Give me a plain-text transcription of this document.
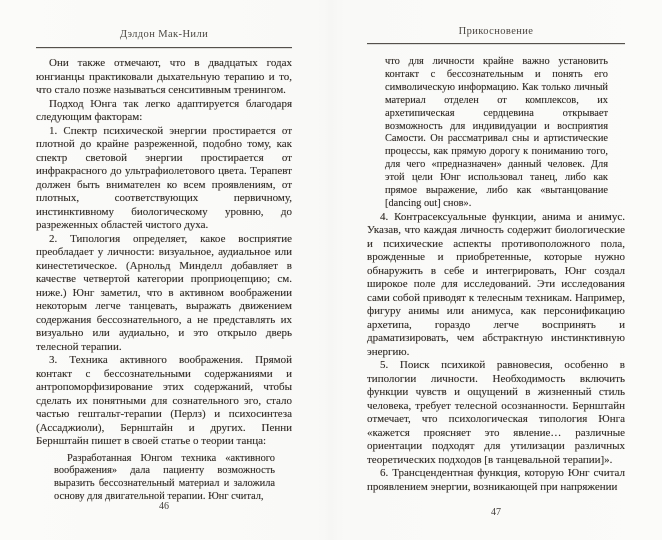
Дэлдон Мак-Нили

Они также отмечают, что в двадцатых годах юнгианцы практиковали дыхательную терапию и то, что стало позже называться сенситивным тренингом.

Подход Юнга так легко адаптируется благодаря следующим факторам:

1. Спектр психической энергии простирается от плотной до крайне разреженной, подобно тому, как спектр световой энергии простирается от инфракрасного до ультрафиолетового цвета. Терапевт должен быть внимателен ко всем проявлениям, от плотных, соответствующих первичному, инстинктивному биологическому уровню, до разреженных областей чистого духа.

2. Типология определяет, какое восприятие преобладает у личности: визуальное, аудиальное или кинестетическое. (Арнольд Минделл добавляет в качестве четвертой категории проприоцепцию; см. ниже.) Юнг заметил, что в активном воображении некоторым легче танцевать, выражать движением содержания бессознательного, а не представлять их визуально или аудиально, и это открыло дверь телесной терапии.

3. Техника активного воображения. Прямой контакт с бессознательными содержаниями и антропоморфизирование этих содержаний, чтобы сделать их понятными для сознательного эго, стало частью гештальт-терапии (Перлз) и психосинтеза (Ассаджиоли), Бернштайн и других. Пенни Бернштайн пишет в своей статье о теории танца:

Разработанная Юнгом техника «активного воображения» дала пациенту возможность выразить бессознательный материал и заложила основу для двигательной терапии. Юнг считал,

46
Прикосновение

что для личности крайне важно установить контакт с бессознательным и понять его символическую информацию. Как только личный материал отделен от комплексов, их архетипическая сердцевина открывает возможность для индивидуации и восприятия Самости. Он рассматривал сны и артистические процессы, как прямую дорогу к пониманию того, для чего «предназначен» данный человек. Для этой цели Юнг использовал танец, либо как прямое выражение, либо как «вытанцование [dancing out] снов».

4. Контрасексуальные функции, анима и анимус. Указав, что каждая личность содержит биологические и психические аспекты противоположного пола, врожденные и приобретенные, которые нужно обнаружить в себе и интегрировать, Юнг создал широкое поле для исследований. Эти исследования сами собой приводят к телесным техникам. Например, фигуру анимы или анимуса, как персонификацию архетипа, гораздо легче воспринять и драматизировать, чем абстрактную инстинктивную энергию.

5. Поиск психикой равновесия, особенно в типологии личности. Необходимость включить функции чувств и ощущений в жизненный стиль человека, требует телесной осознанности. Бернштайн отмечает, что психологическая типология Юнга «кажется проясняет это явление… различные ориентации подходят для утилизации различных теоретических подходов [в танцевальной терапии]».

6. Трансцендентная функция, которую Юнг считал проявлением энергии, возникающей при напряжении

47
